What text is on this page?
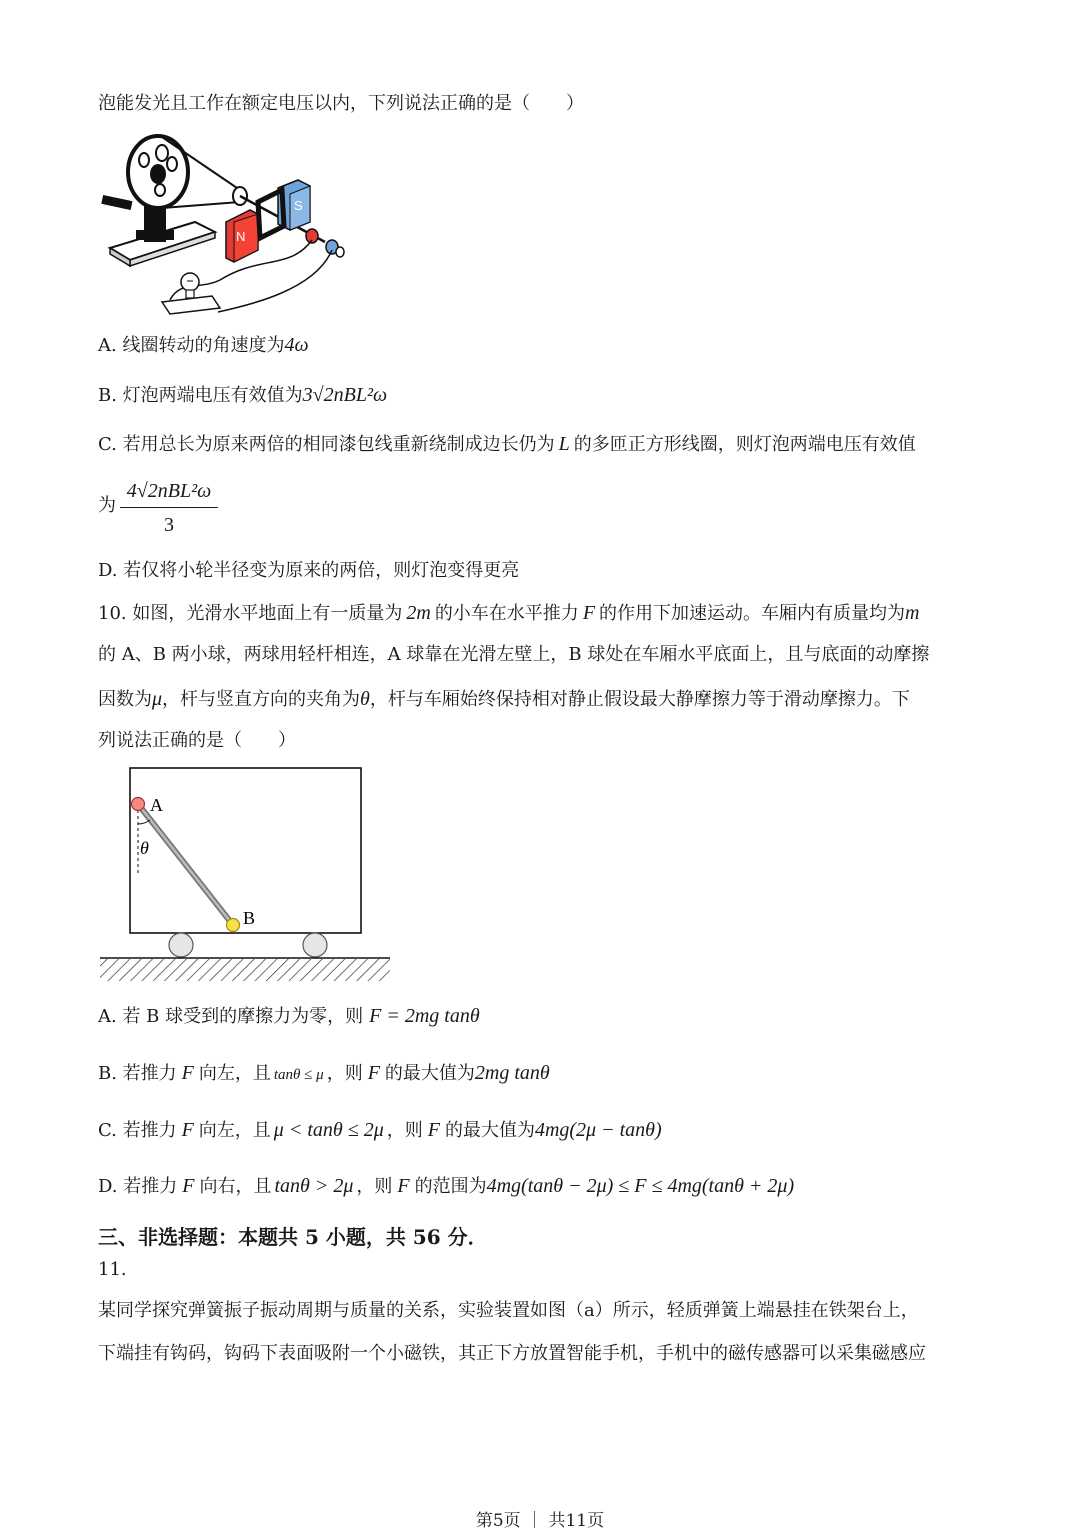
泡能发光且工作在额定电压以内，下列说法正确的是（　　）
N
S
A. 线圈转动的角速度为4ω
B. 灯泡两端电压有效值为3√2nBL²ω
C. 若用总长为原来两倍的相同漆包线重新绕制成边长仍为 L 的多匝正方形线圈，则灯泡两端电压有效值
为
4√2nBL²ω
3
D. 若仅将小轮半径变为原来的两倍，则灯泡变得更亮
10. 如图，光滑水平地面上有一质量为 2m 的小车在水平推力 F 的作用下加速运动。车厢内有质量均为m
的 A、B 两小球，两球用轻杆相连，A 球靠在光滑左壁上，B 球处在车厢水平底面上，且与底面的动摩擦
因数为μ，杆与竖直方向的夹角为θ，杆与车厢始终保持相对静止假设最大静摩擦力等于滑动摩擦力。下
列说法正确的是（　　）
A
B
θ
A. 若 B 球受到的摩擦力为零，则 F = 2mg tanθ
B. 若推力 F 向左，且 tanθ ≤ μ ，则 F 的最大值为2mg tanθ
C. 若推力 F 向左，且 μ < tanθ ≤ 2μ ，则 F 的最大值为4mg(2μ − tanθ)
D. 若推力 F 向右，且 tanθ > 2μ ，则 F 的范围为4mg(tanθ − 2μ) ≤ F ≤ 4mg(tanθ + 2μ)
三、非选择题：本题共 5 小题，共 56 分．
11.
某同学探究弹簧振子振动周期与质量的关系，实验装置如图（a）所示，轻质弹簧上端悬挂在铁架台上，
下端挂有钩码，钩码下表面吸附一个小磁铁，其正下方放置智能手机，手机中的磁传感器可以采集磁感应
第5页 ｜ 共11页
